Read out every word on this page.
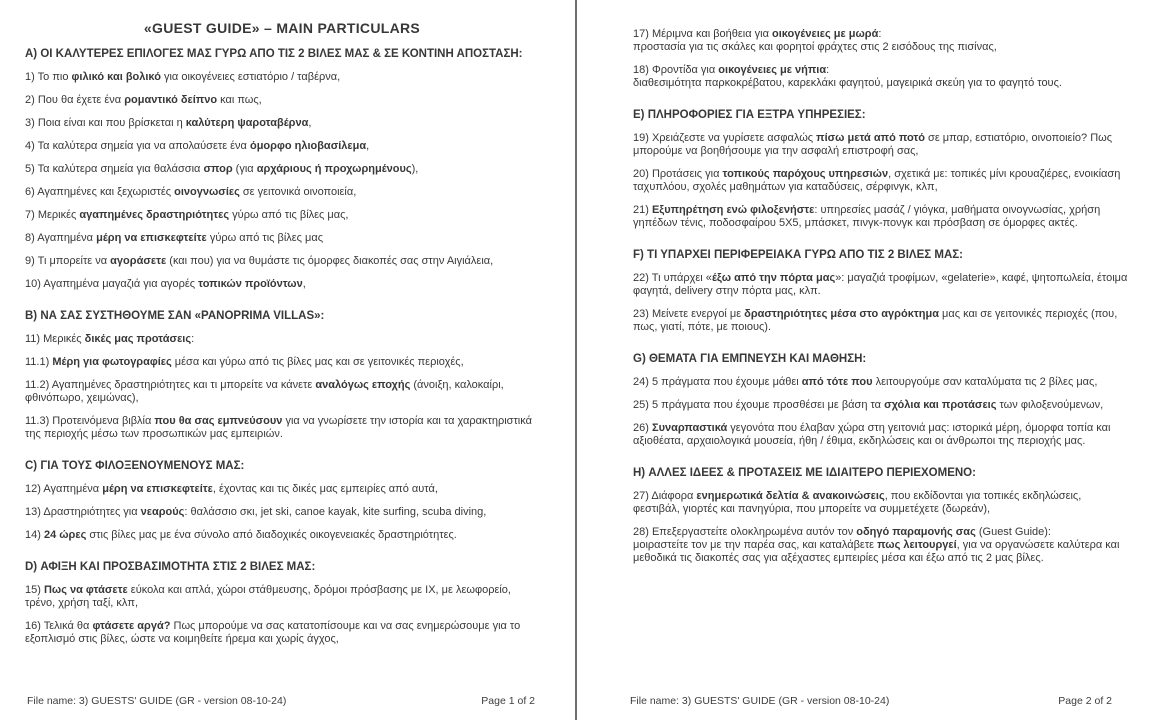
«GUEST GUIDE» – MAIN PARTICULARS

A) ΟΙ ΚΑΛΥΤΕΡΕΣ ΕΠΙΛΟΓΕΣ ΜΑΣ ΓΥΡΩ ΑΠΟ ΤΙΣ 2 ΒΙΛΕΣ ΜΑΣ & ΣΕ ΚΟΝΤΙΝΗ ΑΠΟΣΤΑΣΗ:

1) Το πιο φιλικό και βολικό για οικογένειες εστιατόριο / ταβέρνα,

2) Που θα έχετε ένα ρομαντικό δείπνο και πως,

3) Ποια είναι και που βρίσκεται η καλύτερη ψαροταβέρνα,

4) Τα καλύτερα σημεία για να απολαύσετε ένα όμορφο ηλιοβασίλεμα,

5) Τα καλύτερα σημεία για θαλάσσια σπορ (για αρχάριους ή προχωρημένους),

6) Αγαπημένες και ξεχωριστές οινογνωσίες σε γειτονικά οινοποιεία,

7) Μερικές αγαπημένες δραστηριότητες γύρω από τις βίλες μας,

8) Αγαπημένα μέρη να επισκεφτείτε γύρω από τις βίλες μας

9) Τι μπορείτε να αγοράσετε (και που) για να θυμάστε τις όμορφες διακοπές σας στην Αιγιάλεια,

10) Αγαπημένα μαγαζιά για αγορές τοπικών προϊόντων,

B) ΝΑ ΣΑΣ ΣΥΣΤΗΘΟΥΜΕ ΣΑΝ «PANOPRIMA VILLAS»:

11) Μερικές δικές μας προτάσεις:

11.1) Μέρη για φωτογραφίες μέσα και γύρω από τις βίλες μας και σε γειτονικές περιοχές,

11.2) Αγαπημένες δραστηριότητες και τι μπορείτε να κάνετε αναλόγως εποχής (άνοιξη, καλοκαίρι, φθινόπωρο, χειμώνας),

11.3) Προτεινόμενα βιβλία που θα σας εμπνεύσουν για να γνωρίσετε την ιστορία και τα χαρακτηριστικά της περιοχής μέσω των προσωπικών μας εμπειριών.

C) ΓΙΑ ΤΟΥΣ ΦΙΛΟΞΕΝΟΥΜΕΝΟΥΣ ΜΑΣ:

12) Αγαπημένα μέρη να επισκεφτείτε, έχοντας και τις δικές μας εμπειρίες από αυτά,

13) Δραστηριότητες για νεαρούς: θαλάσσιο σκι, jet ski, canoe kayak, kite surfing, scuba diving,

14) 24 ώρες στις βίλες μας με ένα σύνολο από διαδοχικές οικογενειακές δραστηριότητες.

D) ΑΦΙΞΗ ΚΑΙ ΠΡΟΣΒΑΣΙΜΟΤΗΤΑ ΣΤΙΣ 2 ΒΙΛΕΣ ΜΑΣ:

15) Πως να φτάσετε εύκολα και απλά, χώροι στάθμευσης, δρόμοι πρόσβασης με ΙΧ, με λεωφορείο, τρένο, χρήση ταξί, κλπ,

16) Τελικά θα φτάσετε αργά? Πως μπορούμε να σας κατατοπίσουμε και να σας ενημερώσουμε για το εξοπλισμό στις βίλες, ώστε να κοιμηθείτε ήρεμα και χωρίς άγχος,

File name: 3) GUESTS' GUIDE (GR - version 08-10-24)	Page 1 of 2

17) Μέριμνα και βοήθεια για οικογένειες με μωρά:
προστασία για τις σκάλες και φορητοί φράχτες στις 2 εισόδους της πισίνας,

18) Φροντίδα για οικογένειες με νήπια:
διαθεσιμότητα παρκοκρέβατου, καρεκλάκι φαγητού, μαγειρικά σκεύη για το φαγητό τους.

E) ΠΛΗΡΟΦΟΡΙΕΣ ΓΙΑ ΕΞΤΡΑ ΥΠΗΡΕΣΙΕΣ:

19) Χρειάζεστε να γυρίσετε ασφαλώς πίσω μετά από ποτό σε μπαρ, εστιατόριο, οινοποιείο? Πως μπορούμε να βοηθήσουμε για την ασφαλή επιστροφή σας,

20) Προτάσεις για τοπικούς παρόχους υπηρεσιών, σχετικά με: τοπικές μίνι κρουαζιέρες, ενοικίαση ταχυπλόου, σχολές μαθημάτων για καταδύσεις, σέρφινγκ, κλπ,

21) Εξυπηρέτηση ενώ φιλοξενήστε: υπηρεσίες μασάζ / γιόγκα, μαθήματα οινογνωσίας, χρήση γηπέδων τένις, ποδοσφαίρου 5Χ5, μπάσκετ, πινγκ-πονγκ και πρόσβαση σε όμορφες ακτές.

F) ΤΙ ΥΠΑΡΧΕΙ ΠΕΡΙΦΕΡΕΙΑΚΑ ΓΥΡΩ ΑΠΟ ΤΙΣ 2 ΒΙΛΕΣ ΜΑΣ:

22) Τι υπάρχει «έξω από την πόρτα μας»: μαγαζιά τροφίμων, «gelaterie», καφέ, ψητοπωλεία, έτοιμα φαγητά, delivery στην πόρτα μας, κλπ.

23) Μείνετε ενεργοί με δραστηριότητες μέσα στο αγρόκτημα μας και σε γειτονικές περιοχές (που, πως, γιατί, πότε, με ποιους).

G) ΘΕΜΑΤΑ ΓΙΑ ΕΜΠΝΕΥΣΗ ΚΑΙ ΜΑΘΗΣΗ:

24) 5 πράγματα που έχουμε μάθει από τότε που λειτουργούμε σαν καταλύματα τις 2 βίλες μας,

25) 5 πράγματα που έχουμε προσθέσει με βάση τα σχόλια και προτάσεις των φιλοξενούμενων,

26) Συναρπαστικά γεγονότα που έλαβαν χώρα στη γειτονιά μας: ιστορικά μέρη, όμορφα τοπία και αξιοθέατα, αρχαιολογικά μουσεία, ήθη / έθιμα, εκδηλώσεις και οι άνθρωποι της περιοχής μας.

H) ΑΛΛΕΣ ΙΔΕΕΣ & ΠΡΟΤΑΣΕΙΣ ΜΕ ΙΔΙΑΙΤΕΡΟ ΠΕΡΙΕΧΟΜΕΝΟ:

27) Διάφορα ενημερωτικά δελτία & ανακοινώσεις, που εκδίδονται για τοπικές εκδηλώσεις, φεστιβάλ, γιορτές και πανηγύρια, που μπορείτε να συμμετέχετε (δωρεάν),

28) Επεξεργαστείτε ολοκληρωμένα αυτόν τον οδηγό παραμονής σας (Guest Guide):
μοιραστείτε τον με την παρέα σας, και καταλάβετε πως λειτουργεί, για να οργανώσετε καλύτερα και μεθοδικά τις διακοπές σας για αξέχαστες εμπειρίες μέσα και έξω από τις 2 μας βίλες.

File name: 3) GUESTS' GUIDE (GR - version 08-10-24)	Page 2 of 2
